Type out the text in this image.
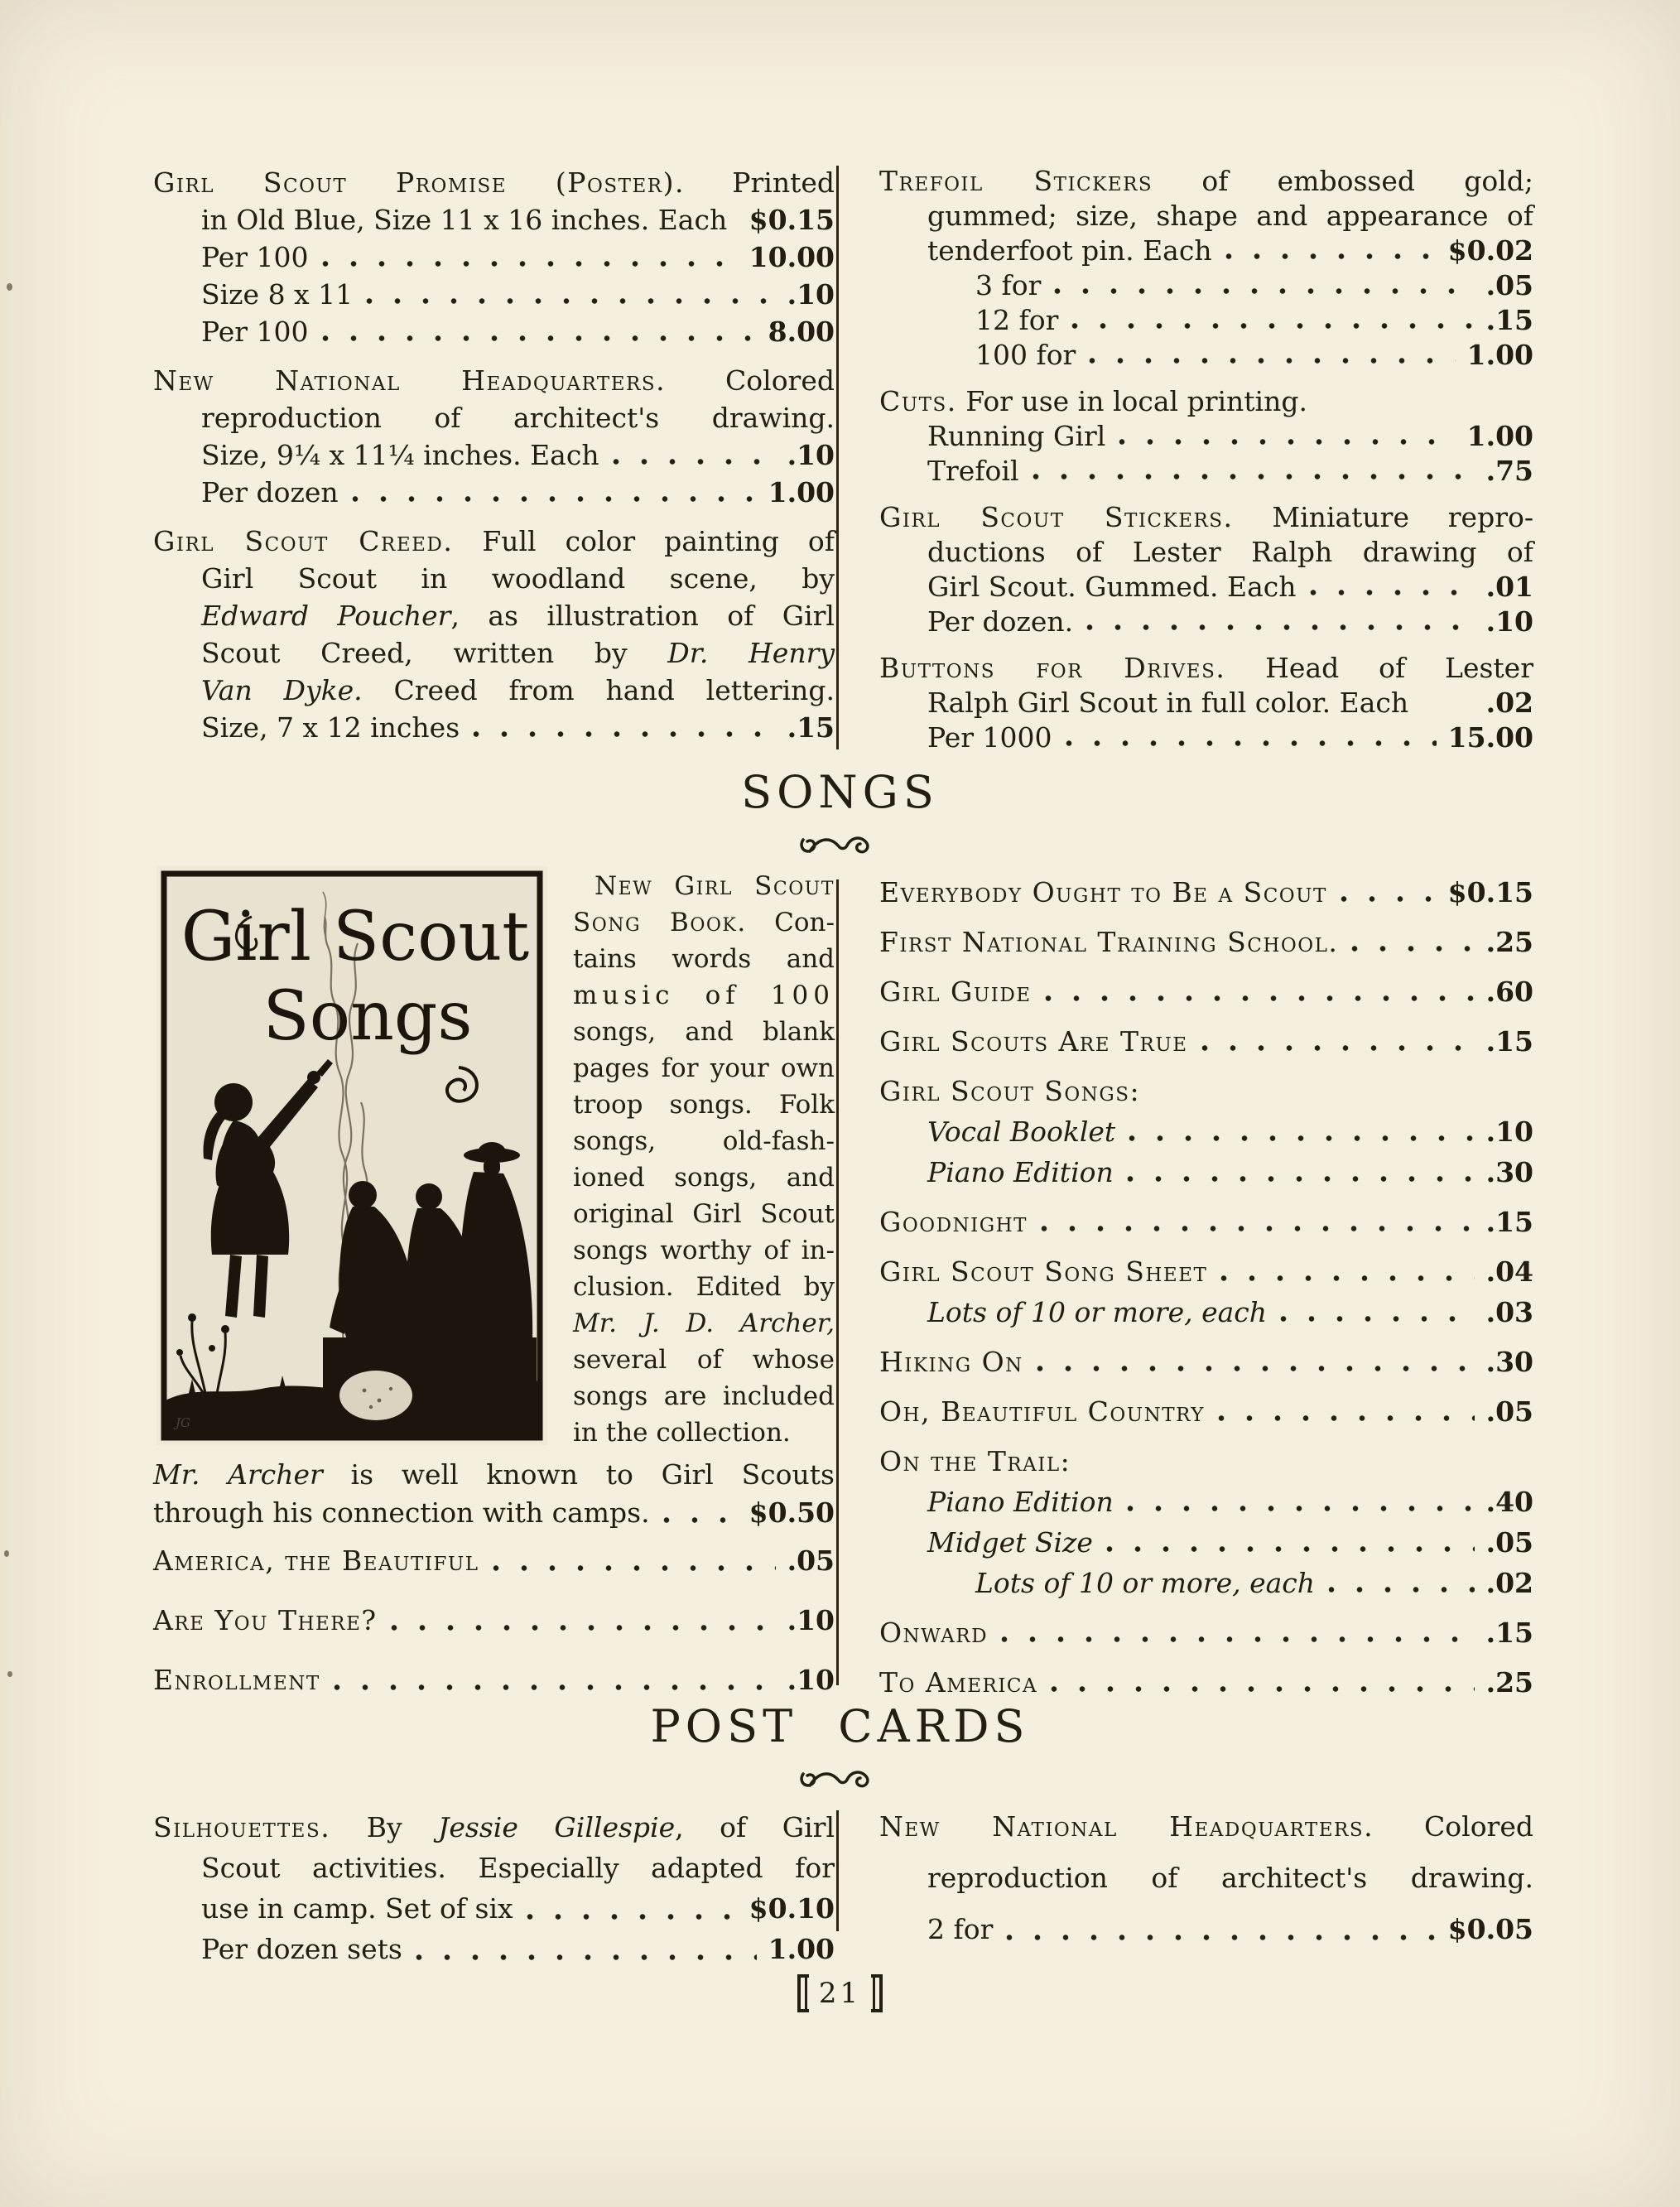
Girl Scout Promise (Poster). Printed
in Old Blue, Size 11 x 16 inches. Each $0.15
Per 100	10.00
Size 8 x 11	.10
Per 100	8.00
New National Headquarters. Colored
reproduction of architect's drawing.
Size, 9¼ x 11¼ inches. Each	.10
Per dozen	1.00
Girl Scout Creed. Full color painting of
Girl Scout in woodland scene, by
Edward Poucher, as illustration of Girl
Scout Creed, written by Dr. Henry
Van Dyke. Creed from hand lettering.
Size, 7 x 12 inches	.15
Trefoil Stickers of embossed gold;
gummed; size, shape and appearance of
tenderfoot pin. Each	$0.02
3 for	.05
12 for	.15
100 for	1.00
Cuts. For use in local printing.
Running Girl	1.00
Trefoil	.75
Girl Scout Stickers. Miniature repro-
ductions of Lester Ralph drawing of
Girl Scout. Gummed. Each	.01
Per dozen.	.10
Buttons for Drives. Head of Lester
Ralph Girl Scout in full color. Each	.02
Per 1000	15.00
SONGS
Girl Scout
Songs
JG
New Girl Scout
Song Book. Con-
tains words and
music of 100
songs, and blank
pages for your own
troop songs. Folk
songs, old-fash-
ioned songs, and
original Girl Scout
songs worthy of in-
clusion. Edited by
Mr. J. D. Archer,
several of whose
songs are included
in the collection.
Mr. Archer is well known to Girl Scouts
through his connection with camps.	$0.50
America, the Beautiful	.05
Are You There?	.10
Enrollment	.10
Everybody Ought to Be a Scout	$0.15
First National Training School.	.25
Girl Guide	.60
Girl Scouts Are True	.15
Girl Scout Songs:
Vocal Booklet	.10
Piano Edition	.30
Goodnight	.15
Girl Scout Song Sheet	.04
Lots of 10 or more, each	.03
Hiking On	.30
Oh, Beautiful Country	.05
On the Trail:
Piano Edition	.40
Midget Size	.05
Lots of 10 or more, each	.02
Onward	.15
To America	.25
POST CARDS
Silhouettes. By Jessie Gillespie, of Girl
Scout activities. Especially adapted for
use in camp. Set of six	$0.10
Per dozen sets	1.00
New National Headquarters. Colored
reproduction of architect's drawing.
2 for	$0.05
21
